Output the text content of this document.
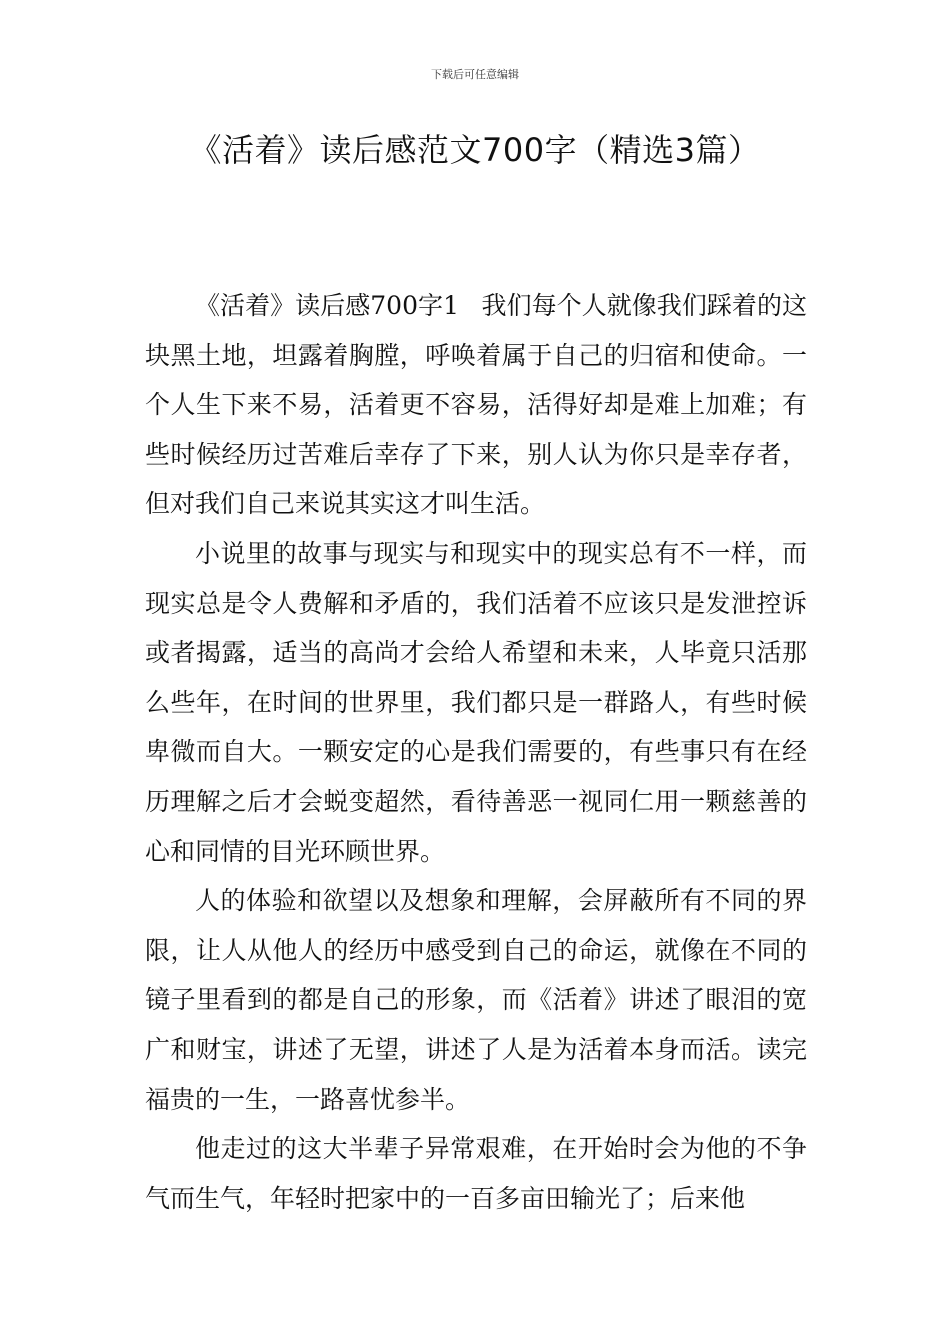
下载后可任意编辑
《活着》读后感范文700字（精选3篇）

《活着》读后感700字1 我们每个人就像我们踩着的这块黑土地，坦露着胸膛，呼唤着属于自己的归宿和使命。一个人生下来不易，活着更不容易，活得好却是难上加难；有些时候经历过苦难后幸存了下来，别人认为你只是幸存者，但对我们自己来说其实这才叫生活。

小说里的故事与现实与和现实中的现实总有不一样，而现实总是令人费解和矛盾的，我们活着不应该只是发泄控诉或者揭露，适当的高尚才会给人希望和未来，人毕竟只活那么些年，在时间的世界里，我们都只是一群路人，有些时候卑微而自大。一颗安定的心是我们需要的，有些事只有在经历理解之后才会蜕变超然，看待善恶一视同仁用一颗慈善的心和同情的目光环顾世界。

人的体验和欲望以及想象和理解，会屏蔽所有不同的界限，让人从他人的经历中感受到自己的命运，就像在不同的镜子里看到的都是自己的形象，而《活着》讲述了眼泪的宽广和财宝，讲述了无望，讲述了人是为活着本身而活。读完福贵的一生，一路喜忧参半。

他走过的这大半辈子异常艰难，在开始时会为他的不争气而生气，年轻时把家中的一百多亩田输光了；后来他
